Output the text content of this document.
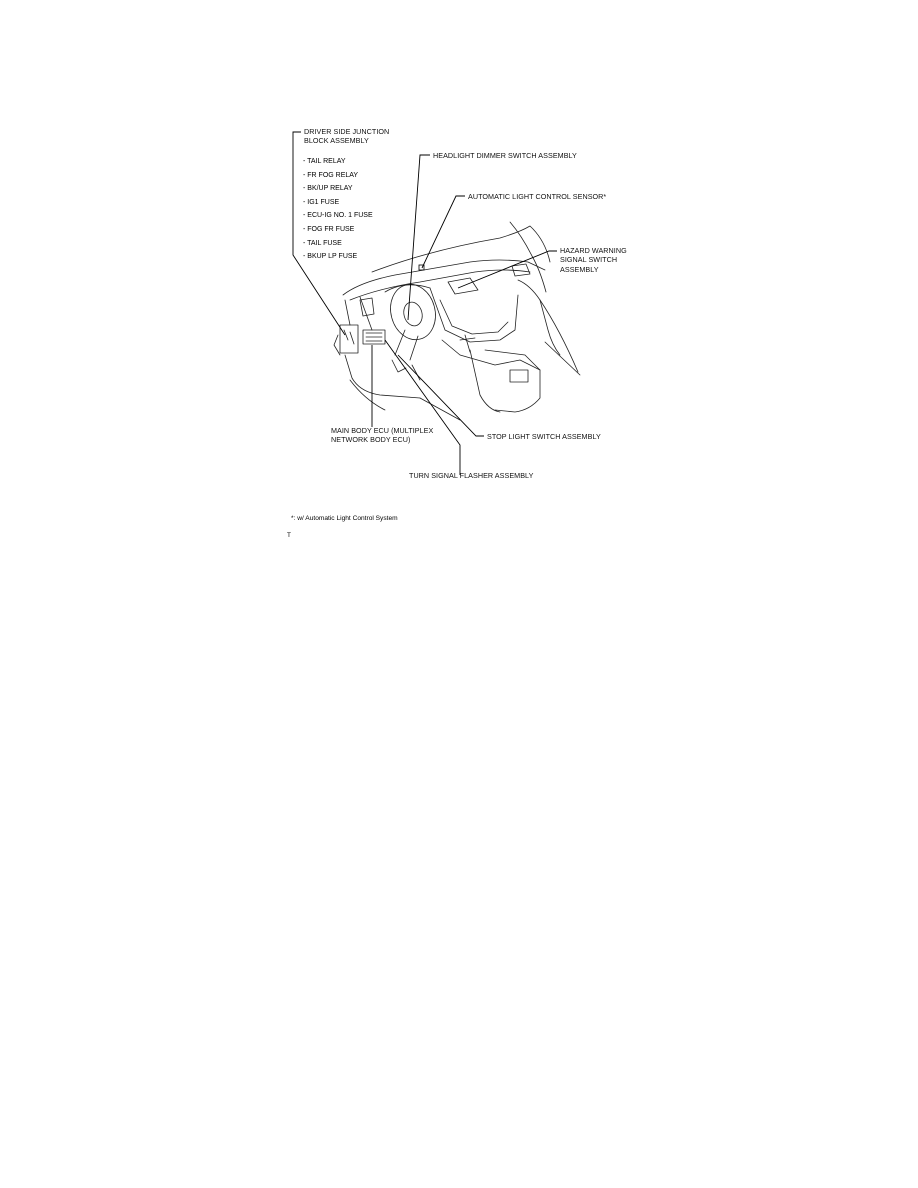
DRIVER SIDE JUNCTION
BLOCK ASSEMBLY
- TAIL RELAY
- FR FOG RELAY
- BK/UP RELAY
- IG1 FUSE
- ECU-IG NO. 1 FUSE
- FOG FR FUSE
- TAIL FUSE
- BKUP LP FUSE
HEADLIGHT DIMMER SWITCH ASSEMBLY
AUTOMATIC LIGHT CONTROL SENSOR*
HAZARD WARNING
SIGNAL SWITCH
ASSEMBLY
MAIN BODY ECU (MULTIPLEX
NETWORK BODY ECU)	STOP LIGHT SWITCH ASSEMBLY
TURN SIGNAL FLASHER ASSEMBLY
*: w/ Automatic Light Control System
T
